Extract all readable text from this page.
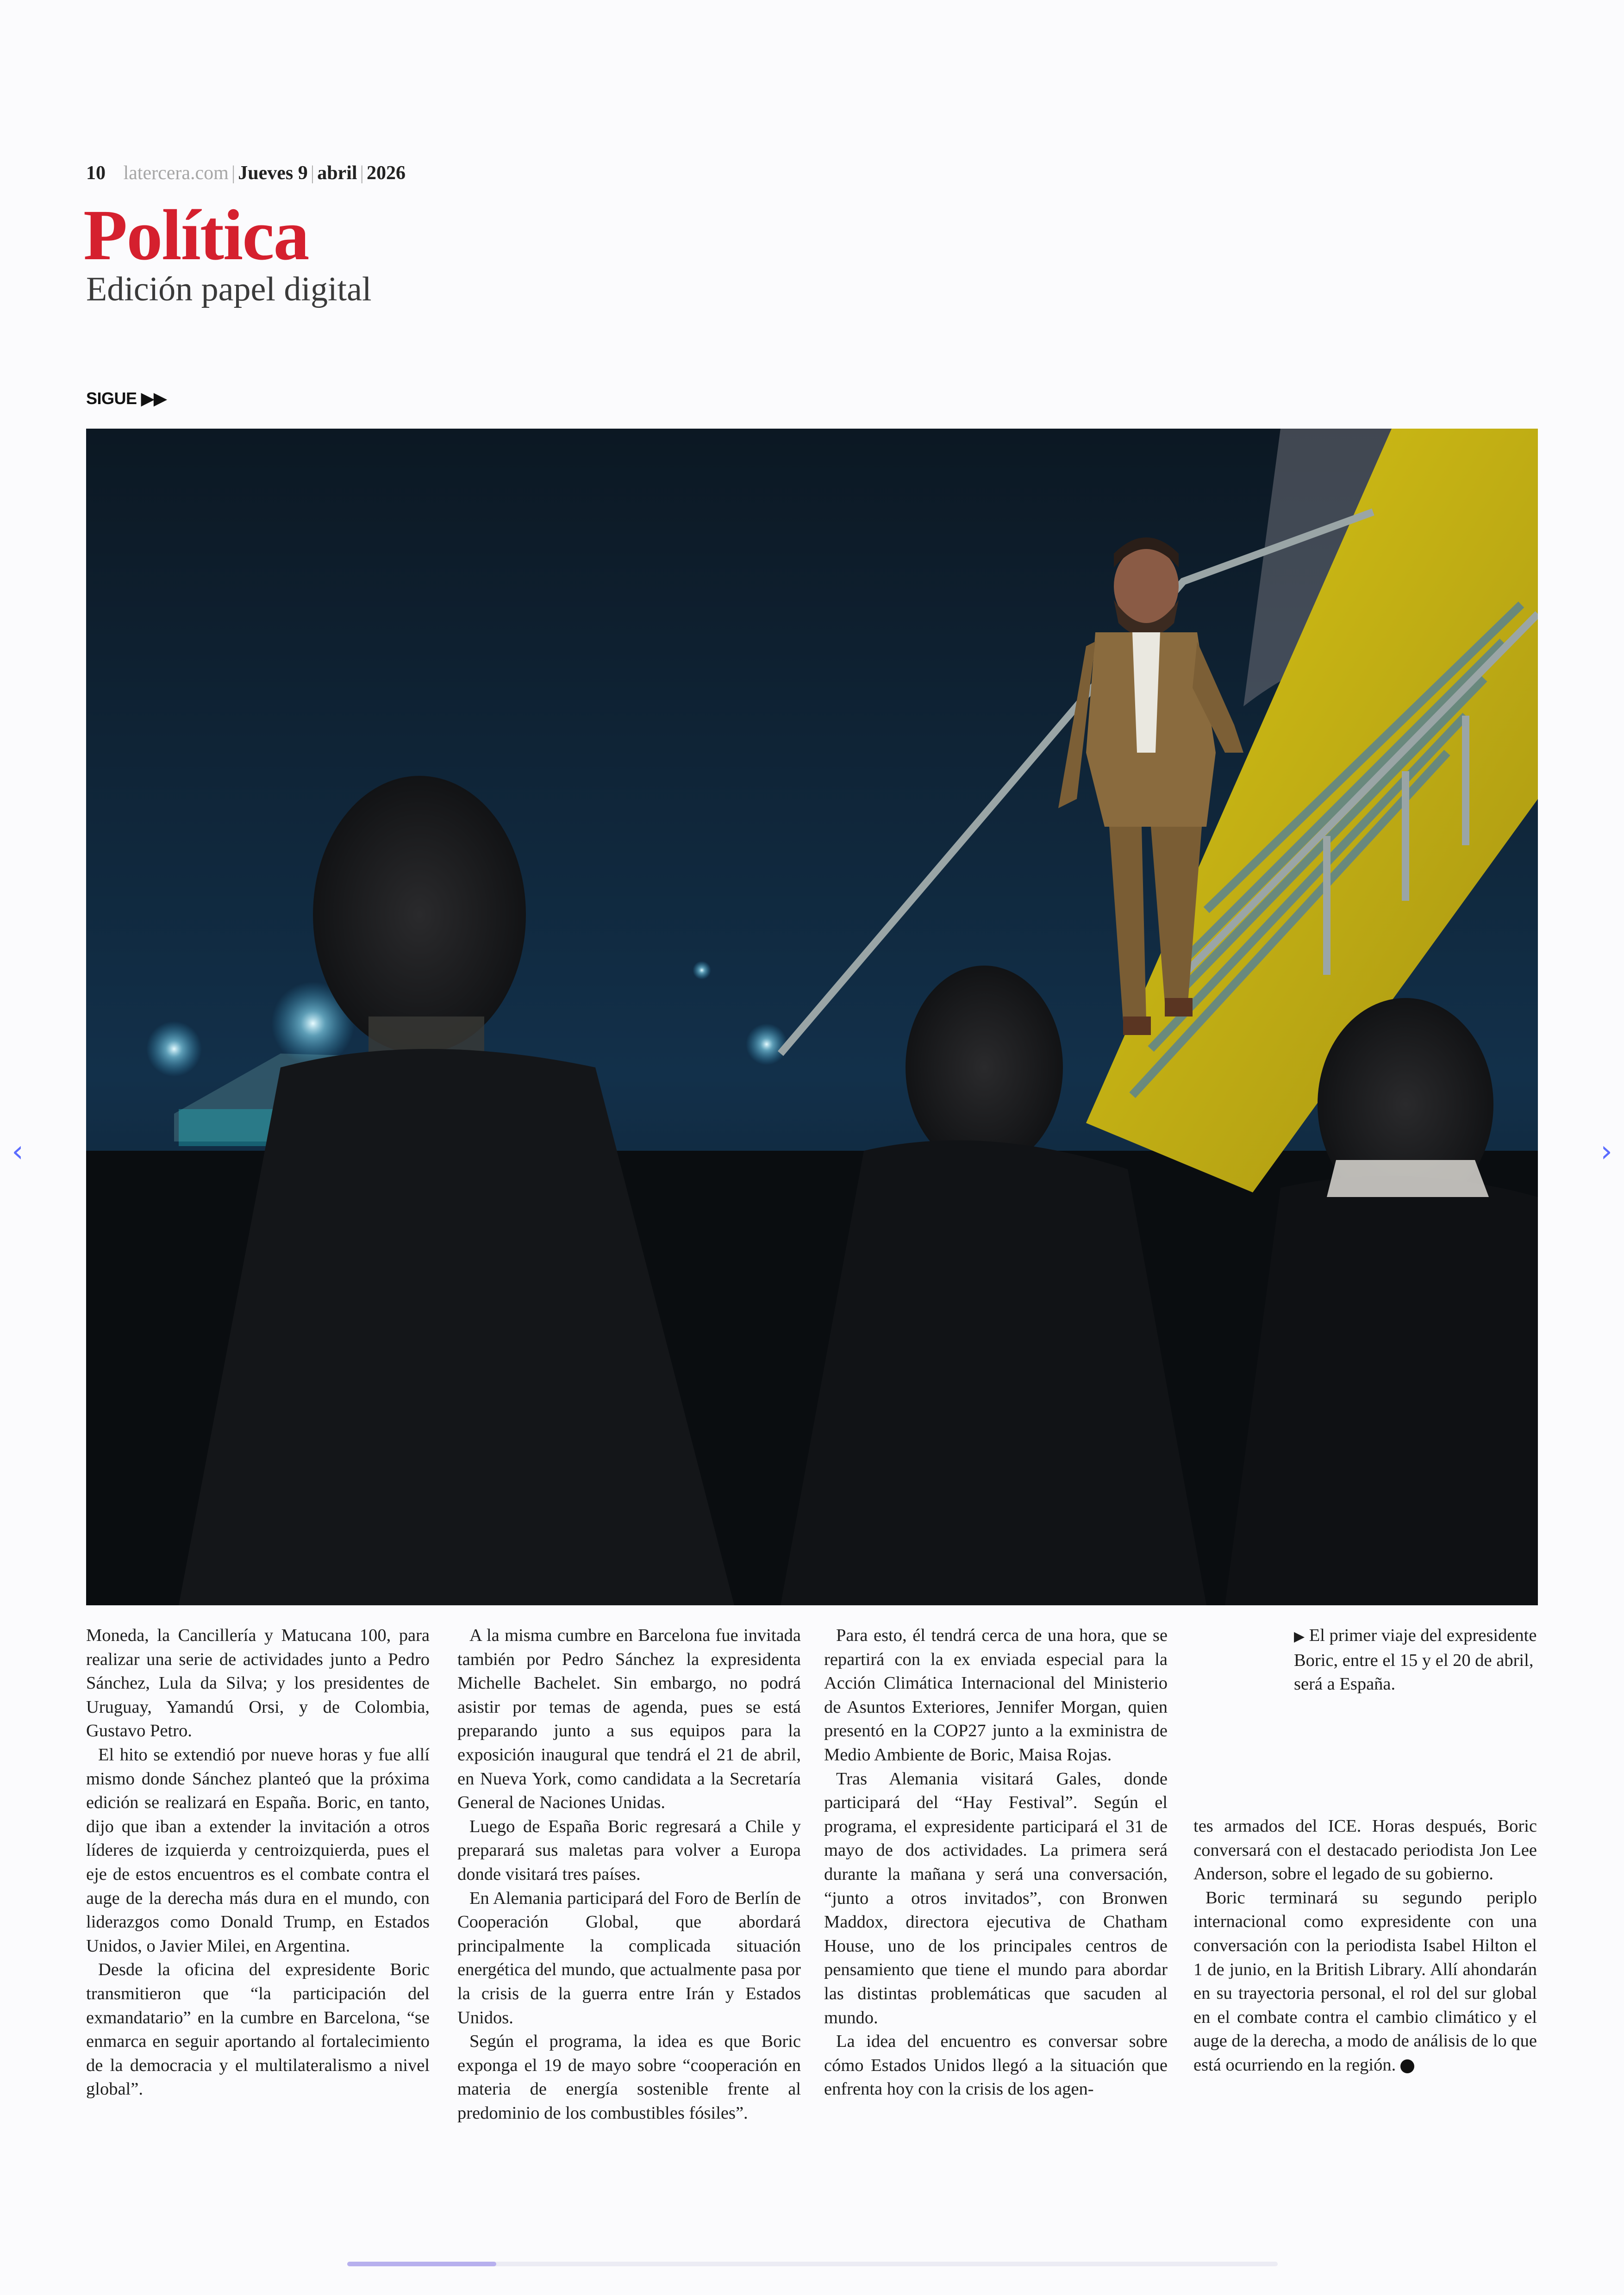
10 latercera.com | Jueves 9 | abril | 2026
Política
Edición papel digital
SIGUE ▶▶
‹	›

Moneda, la Cancillería y Matucana 100, para realizar una serie de actividades junto a Pedro Sánchez, Lula da Silva; y los presidentes de Uruguay, Yamandú Orsi, y de Colombia, Gustavo Petro.

El hito se extendió por nueve horas y fue allí mismo donde Sánchez planteó que la próxima edición se realizará en España. Boric, en tanto, dijo que iban a extender la invitación a otros líderes de izquierda y centroizquierda, pues el eje de estos encuentros es el combate contra el auge de la derecha más dura en el mundo, con liderazgos como Donald Trump, en Estados Unidos, o Javier Milei, en Argentina.

Desde la oficina del expresidente Boric transmitieron que “la participación del exmandatario” en la cumbre en Barcelona, “se enmarca en seguir aportando al fortalecimiento de la democracia y el multilateralismo a nivel global”.

A la misma cumbre en Barcelona fue invitada también por Pedro Sánchez la expresidenta Michelle Bachelet. Sin embargo, no podrá asistir por temas de agenda, pues se está preparando junto a sus equipos para la exposición inaugural que tendrá el 21 de abril, en Nueva York, como candidata a la Secretaría General de Naciones Unidas.

Luego de España Boric regresará a Chile y preparará sus maletas para volver a Europa donde visitará tres países.

En Alemania participará del Foro de Berlín de Cooperación Global, que abordará principalmente la complicada situación energética del mundo, que actualmente pasa por la crisis de la guerra entre Irán y Estados Unidos.

Según el programa, la idea es que Boric exponga el 19 de mayo sobre “cooperación en materia de energía sostenible frente al predominio de los combustibles fósiles”.

Para esto, él tendrá cerca de una hora, que se repartirá con la ex enviada especial para la Acción Climática Internacional del Ministerio de Asuntos Exteriores, Jennifer Morgan, quien presentó en la COP27 junto a la exministra de Medio Ambiente de Boric, Maisa Rojas.

Tras Alemania visitará Gales, donde participará del “Hay Festival”. Según el programa, el expresidente participará el 31 de mayo de dos actividades. La primera será durante la mañana y será una conversación, “junto a otros invitados”, con Bronwen Maddox, directora ejecutiva de Chatham House, uno de los principales centros de pensamiento que tiene el mundo para abordar las distintas problemáticas que sacuden al mundo.

La idea del encuentro es conversar sobre cómo Estados Unidos llegó a la situación que enfrenta hoy con la crisis de los agen-

▶ El primer viaje del expresidente Boric, entre el 15 y el 20 de abril, será a España.

tes armados del ICE. Horas después, Boric conversará con el destacado periodista Jon Lee Anderson, sobre el legado de su gobierno.

Boric terminará su segundo periplo internacional como expresidente con una conversación con la periodista Isabel Hilton el 1 de junio, en la British Library. Allí ahondarán en su trayectoria personal, el rol del sur global en el combate contra el cambio climático y el auge de la derecha, a modo de análisis de lo que está ocurriendo en la región.
